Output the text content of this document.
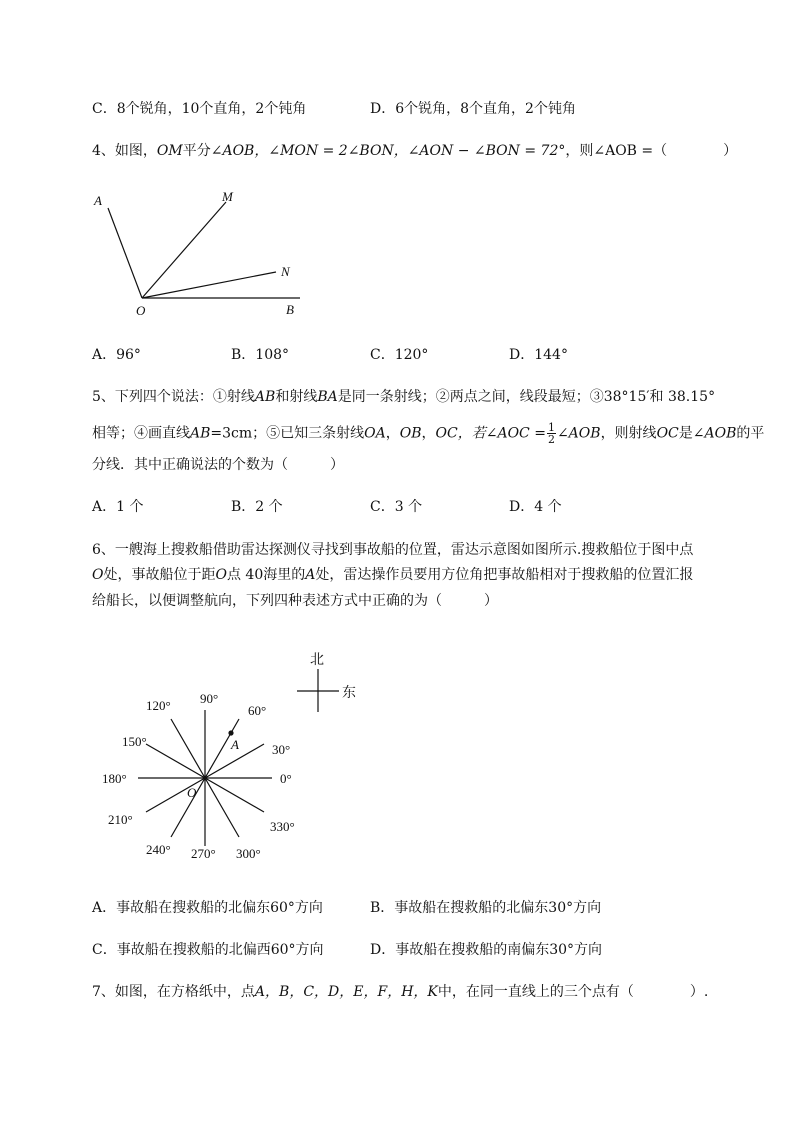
C．8个锐角，10个直角，2个钝角	D．6个锐角，8个直角，2个钝角
4、如图，OM平分∠AOB，∠MON = 2∠BON，∠AON − ∠BON = 72°，则∠AOB =（　　　　）
A	M
N
O	B
A．96°	B．108°	C．120°	D．144°
5、下列四个说法：①射线AB和射线BA是同一条射线；②两点之间，线段最短；③38°15′和 38.15°
相等；④画直线AB=3cm；⑤已知三条射线OA，OB，OC，若∠AOC = $\frac{1}{2}$ ∠AOB，则射线OC是∠AOB的平
分线．其中正确说法的个数为（　　　）
A．1 个	B．2 个	C．3 个	D．4 个
6、一艘海上搜救船借助雷达探测仪寻找到事故船的位置，雷达示意图如图所示.搜救船位于图中点
O处，事故船位于距O点 40海里的A处，雷达操作员要用方位角把事故船相对于搜救船的位置汇报
给船长，以便调整航向，下列四种表述方式中正确的为（　　　）
北
东
0°
30°
60°
90°
120°
150°
180°
210°
240° 270° 300°
330°
A
O
A．事故船在搜救船的北偏东60°方向	B．事故船在搜救船的北偏东30°方向
C．事故船在搜救船的北偏西60°方向	D．事故船在搜救船的南偏东30°方向
7、如图，在方格纸中，点A，B，C，D，E，F，H，K中，在同一直线上的三个点有（　　　　）.
